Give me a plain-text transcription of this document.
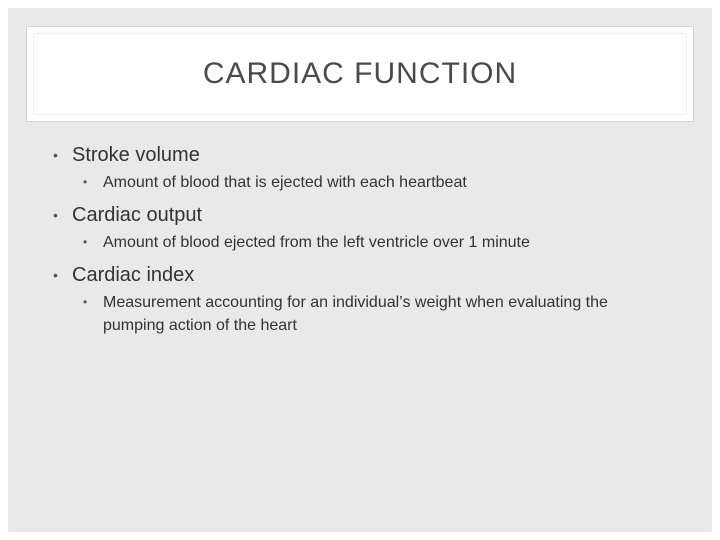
CARDIAC FUNCTION
• Stroke volume
• Amount of blood that is ejected with each heartbeat
• Cardiac output
• Amount of blood ejected from the left ventricle over 1 minute
• Cardiac index
• Measurement accounting for an individual’s weight when evaluating the pumping action of the heart
